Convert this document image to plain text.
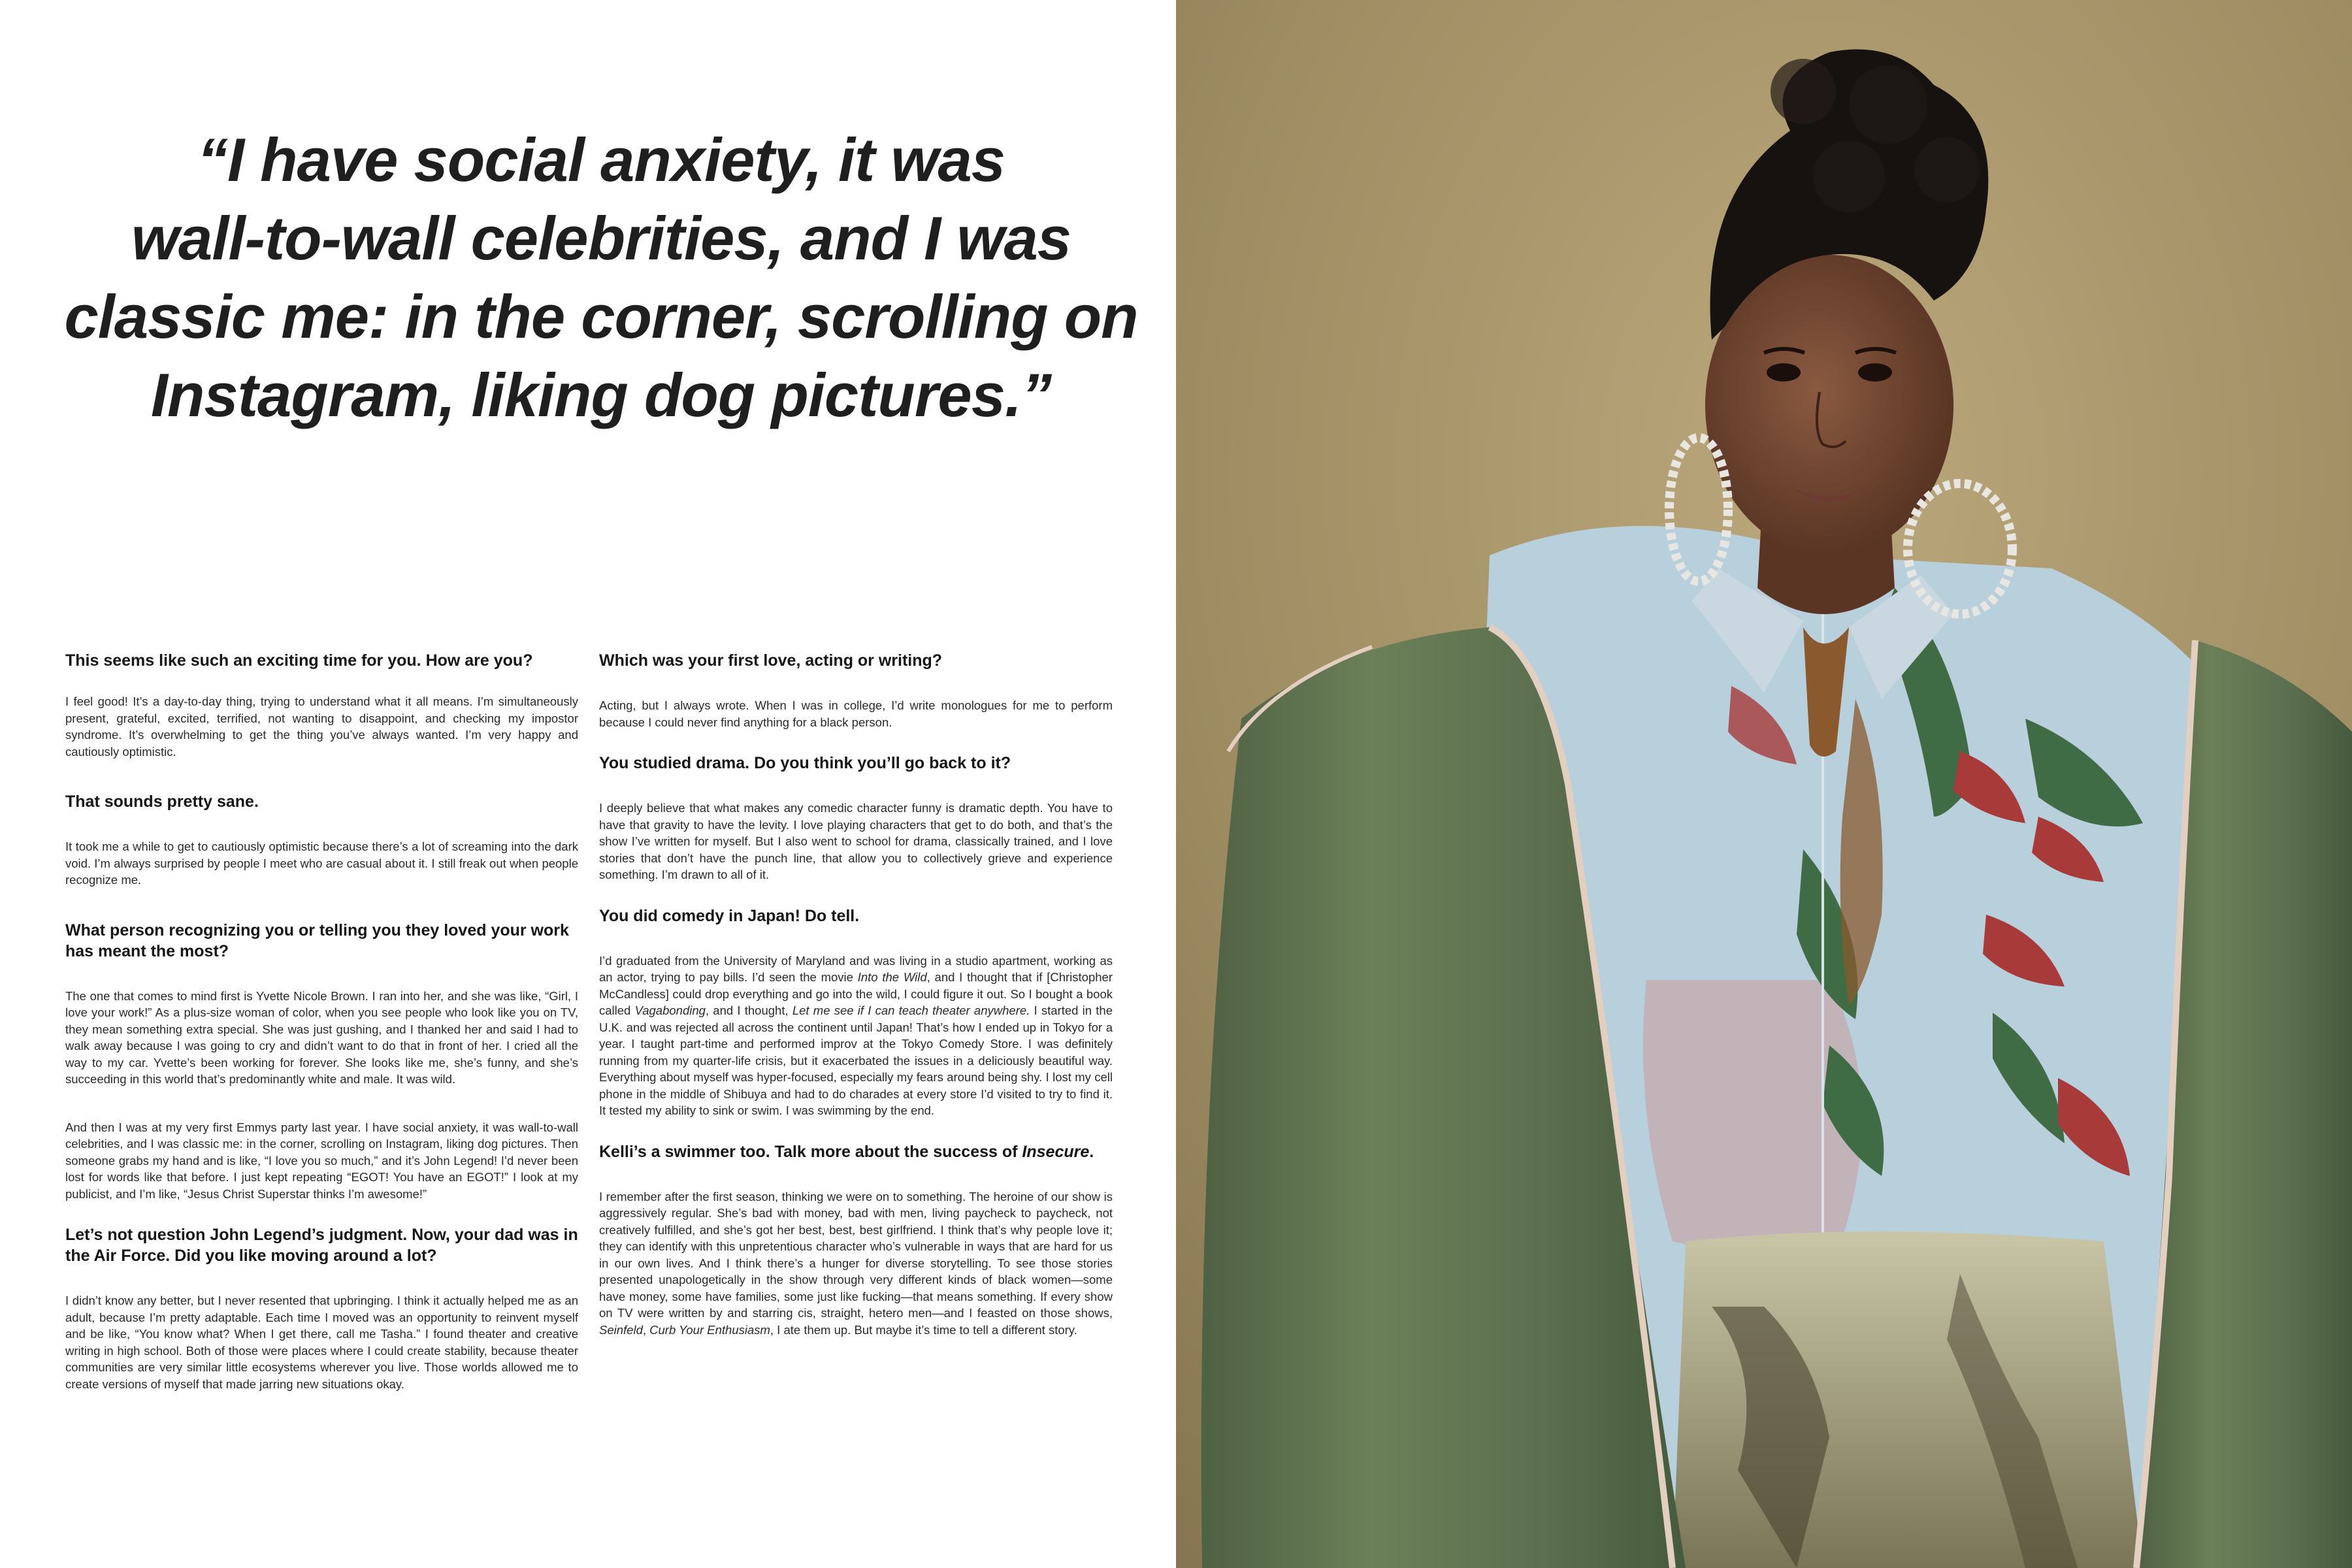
“I have social anxiety, it was
wall-to-wall celebrities, and I was
classic me: in the corner, scrolling on
Instagram, liking dog pictures.”

This seems like such an exciting time for you. How are you?

I feel good! It’s a day-to-day thing, trying to understand what it all means. I’m simultaneously present, grateful, excited, terrified, not wanting to disappoint, and checking my impostor syndrome. It’s overwhelming to get the thing you’ve always wanted. I’m very happy and cautiously optimistic.

That sounds pretty sane.

It took me a while to get to cautiously optimistic because there’s a lot of screaming into the dark void. I’m always surprised by people I meet who are casual about it. I still freak out when people recognize me.

What person recognizing you or telling you they loved your work has meant the most?

The one that comes to mind first is Yvette Nicole Brown. I ran into her, and she was like, “Girl, I love your work!” As a plus-size woman of color, when you see people who look like you on TV, they mean something extra special. She was just gushing, and I thanked her and said I had to walk away because I was going to cry and didn’t want to do that in front of her. I cried all the way to my car. Yvette’s been working for forever. She looks like me, she’s funny, and she’s succeeding in this world that’s predominantly white and male. It was wild.

And then I was at my very first Emmys party last year. I have social anxiety, it was wall-to-wall celebrities, and I was classic me: in the corner, scrolling on Instagram, liking dog pictures. Then someone grabs my hand and is like, “I love you so much,” and it’s John Legend! I’d never been lost for words like that before. I just kept repeating “EGOT! You have an EGOT!” I look at my publicist, and I’m like, “Jesus Christ Superstar thinks I’m awesome!”

Let’s not question John Legend’s judgment. Now, your dad was in the Air Force. Did you like moving around a lot?

I didn’t know any better, but I never resented that upbringing. I think it actually helped me as an adult, because I’m pretty adaptable. Each time I moved was an opportunity to reinvent myself and be like, “You know what? When I get there, call me Tasha.” I found theater and creative writing in high school. Both of those were places where I could create stability, because theater communities are very similar little ecosystems wherever you live. Those worlds allowed me to create versions of myself that made jarring new situations okay.

Which was your first love, acting or writing?

Acting, but I always wrote. When I was in college, I’d write monologues for me to perform because I could never find anything for a black person.

You studied drama. Do you think you’ll go back to it?

I deeply believe that what makes any comedic character funny is dramatic depth. You have to have that gravity to have the levity. I love playing characters that get to do both, and that’s the show I’ve written for myself. But I also went to school for drama, classically trained, and I love stories that don’t have the punch line, that allow you to collectively grieve and experience something. I’m drawn to all of it.

You did comedy in Japan! Do tell.

I’d graduated from the University of Maryland and was living in a studio apartment, working as an actor, trying to pay bills. I’d seen the movie Into the Wild, and I thought that if [Christopher McCandless] could drop everything and go into the wild, I could figure it out. So I bought a book called Vagabonding, and I thought, Let me see if I can teach theater anywhere. I started in the U.K. and was rejected all across the continent until Japan! That’s how I ended up in Tokyo for a year. I taught part-time and performed improv at the Tokyo Comedy Store. I was definitely running from my quarter-life crisis, but it exacerbated the issues in a deliciously beautiful way. Everything about myself was hyper-focused, especially my fears around being shy. I lost my cell phone in the middle of Shibuya and had to do charades at every store I’d visited to try to find it. It tested my ability to sink or swim. I was swimming by the end.

Kelli’s a swimmer too. Talk more about the success of Insecure.

I remember after the first season, thinking we were on to something. The heroine of our show is aggressively regular. She’s bad with money, bad with men, living paycheck to paycheck, not creatively fulfilled, and she’s got her best, best, best girlfriend. I think that’s why people love it; they can identify with this unpretentious character who’s vulnerable in ways that are hard for us in our own lives. And I think there’s a hunger for diverse storytelling. To see those stories presented unapologetically in the show through very different kinds of black women—some have money, some have families, some just like fucking—that means something. If every show on TV were written by and starring cis, straight, hetero men—and I feasted on those shows, Seinfeld, Curb Your Enthusiasm, I ate them up. But maybe it’s time to tell a different story.
